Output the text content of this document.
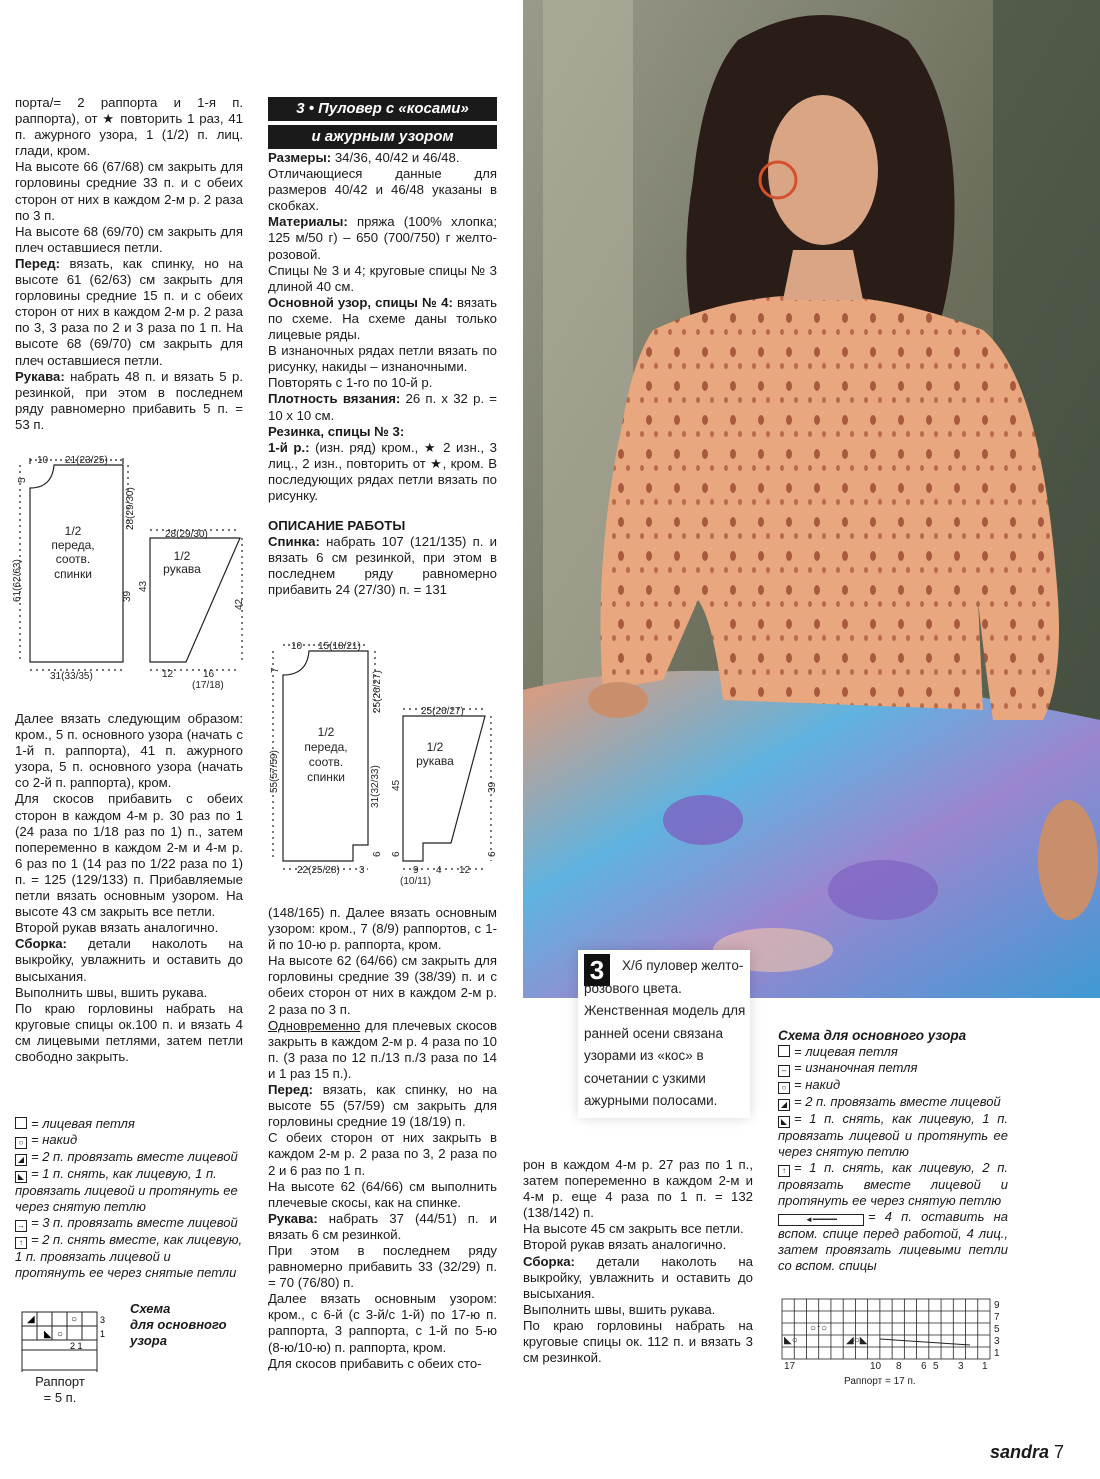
порта/= 2 раппорта и 1-я п. раппорта), от ★ повторить 1 раз, 41 п. ажурного узора, 1 (1/2) п. лиц. глади, кром.

На высоте 66 (67/68) см закрыть для горловины средние 33 п. и с обеих сторон от них в каждом 2-м р. 2 раза по 3 п.

На высоте 68 (69/70) см закрыть для плеч оставшиеся петли.

Перед: вязать, как спинку, но на высоте 61 (62/63) см закрыть для горловины средние 15 п. и с обеих сторон от них в каждом 2-м р. 2 раза по 3, 3 раза по 2 и 3 раза по 1 п. На высоте 68 (69/70) см закрыть для плеч оставшиеся петли.

Рукава: набрать 48 п. и вязать 5 р. резинкой, при этом в последнем ряду равномерно прибавить 5 п. = 53 п.

10 21(23/25)
5
28(29/30)
61(62/63)	39
31(33/35)
28(29/30)
43
42
12	16
(17/18)
1/2
переда,
соотв.
спинки
1/2
рукава

Далее вязать следующим образом: кром., 5 п. основного узора (начать с 1-й п. раппорта), 41 п. ажурного узора, 5 п. основного узора (начать со 2-й п. раппорта), кром.

Для скосов прибавить с обеих сторон в каждом 4-м р. 30 раз по 1 (24 раза по 1/18 раз по 1) п., затем попеременно в каждом 2-м и 4-м р. 6 раз по 1 (14 раз по 1/22 раза по 1) п. = 125 (129/133) п. Прибавляемые петли вязать основным узором. На высоте 43 см закрыть все петли.

Второй рукав вязать аналогично.

Сборка: детали наколоть на выкройку, увлажнить и оставить до высыхания.

Выполнить швы, вшить рукава.

По краю горловины набрать на круговые спицы ок.100 п. и вязать 4 см лицевыми петлями, затем петли свободно закрыть.

= лицевая петля

○ = накид

◢ = 2 п. провязать вместе лицевой

◣ = 1 п. снять, как лицевую, 1 п. провязать лицевой и протянуть ее через снятую петлю

→ = 3 п. провязать вместе лицевой

↑ = 2 п. снять вместе, как лицевую, 1 п. провязать лицевой и протянуть ее через снятые петли

3
1
2 1
◣ ○
○
◢

Схема

для основного

узора

Раппорт
= 5 п.
3 • Пуловер с «косами»
и ажурным узором

Размеры: 34/36, 40/42 и 46/48.

Отличающиеся данные для размеров 40/42 и 46/48 указаны в скобках.

Материалы: пряжа (100% хлопка; 125 м/50 г) – 650 (700/750) г желто-розовой.

Спицы № 3 и 4; круговые спицы № 3 длиной 40 см.

Основной узор, спицы № 4: вязать по схеме. На схеме даны только лицевые ряды.

В изнаночных рядах петли вязать по рисунку, накиды – изнаночными.

Повторять с 1-го по 10-й р.

Плотность вязания: 26 п. х 32 р. = 10 х 10 см.

Резинка, спицы № 3:

1-й р.: (изн. ряд) кром., ★ 2 изн., 3 лиц., 2 изн., повторить от ★, кром. В последующих рядах петли вязать по рисунку.

ОПИСАНИЕ РАБОТЫ

Спинка: набрать 107 (121/135) п. и вязать 6 см резинкой, при этом в последнем ряду равномерно прибавить 24 (27/30) п. = 131

10 15(18/21)
7	25(26/27)
55(57/59)	31(32/33)
6
22(25/28) 3
25(26/27)
45	39
6	6
9 4 12
(10/11)
1/2
переда,
соотв.
спинки
1/2
рукава

(148/165) п. Далее вязать основным узором: кром., 7 (8/9) раппортов, с 1-й по 10-ю р. раппорта, кром.

На высоте 62 (64/66) см закрыть для горловины средние 39 (38/39) п. и с обеих сторон от них в каждом 2-м р. 2 раза по 3 п.

Одновременно для плечевых скосов закрыть в каждом 2-м р. 4 раза по 10 п. (3 раза по 12 п./13 п./3 раза по 14 и 1 раз 15 п.).

Перед: вязать, как спинку, но на высоте 55 (57/59) см закрыть для горловины средние 19 (18/19) п.

С обеих сторон от них закрыть в каждом 2-м р. 2 раза по 3, 2 раза по 2 и 6 раз по 1 п.

На высоте 62 (64/66) см выполнить плечевые скосы, как на спинке.

Рукава: набрать 37 (44/51) п. и вязать 6 см резинкой.

При этом в последнем ряду равномерно прибавить 33 (32/29) п. = 70 (76/80) п.

Далее вязать основным узором: кром., с 6-й (с 3-й/с 1-й) по 17-ю п. раппорта, 3 раппорта, с 1-й по 5-ю (8-ю/10-ю) п. раппорта, кром.

Для скосов прибавить с обеих сто-

3	Х/б пуловер желто-розового цвета. Женственная модель для ранней осени связана узорами из «кос» в сочетании с узкими ажурными полосами.

рон в каждом 4-м р. 27 раз по 1 п., затем попеременно в каждом 2-м и 4-м р. еще 4 раза по 1 п. = 132 (138/142) п.

На высоте 45 см закрыть все петли.

Второй рукав вязать аналогично.

Сборка: детали наколоть на выкройку, увлажнить и оставить до высыхания.

Выполнить швы, вшить рукава.

По краю горловины набрать на круговые спицы ок. 112 п. и вязать 3 см резинкой.

Схема для основного узора

= лицевая петля

– = изнаночная петля

○ = накид

◢ = 2 п. провязать вместе лицевой

◣ = 1 п. снять, как лицевую, 1 п. провязать лицевой и протянуть ее через снятую петлю

↑ = 1 п. снять, как лицевую, 2 п. провязать вместе лицевой и протянуть ее через снятую петлю

◄━━━━━ = 4 п. оставить на вспом. спице перед работой, 4 лиц., затем провязать лицевыми петли со вспом. спицы

9
7
5
3
1
17	10 8 6 5 3 1
Раппорт = 17 п.
○↑○
◣○	◢○◣
sandra 7
